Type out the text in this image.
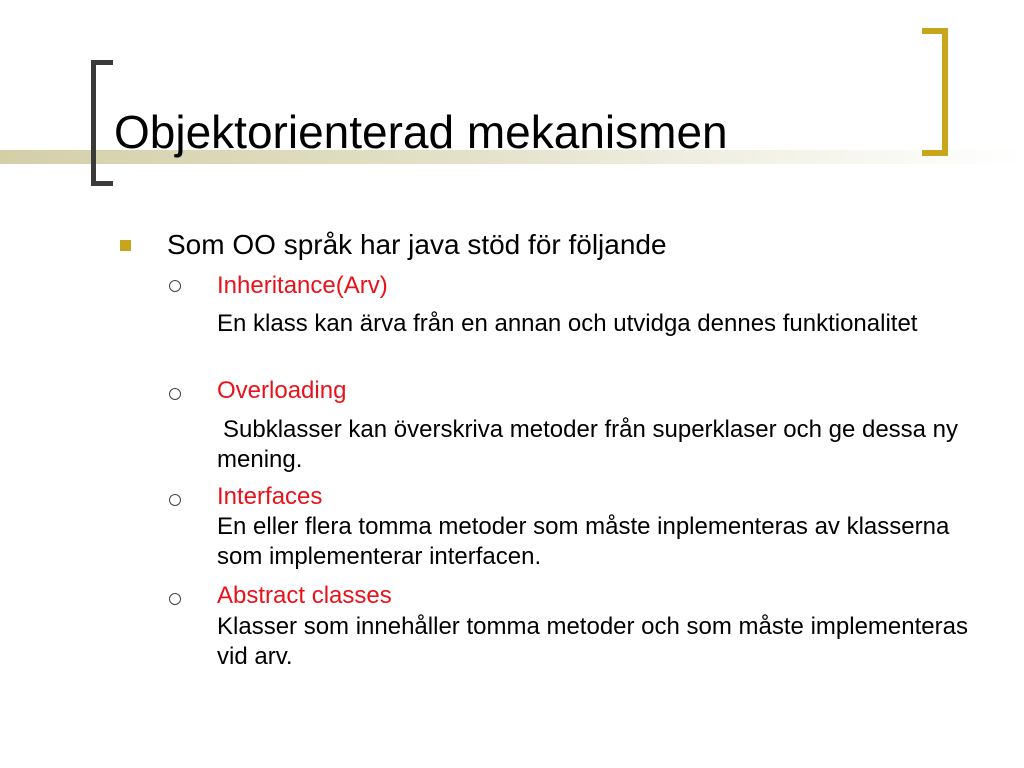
Objektorienterad mekanismen
Som OO språk har java stöd för följande
Inheritance(Arv)
En klass kan ärva från en annan och utvidga dennes funktionalitet
Overloading
Subklasser kan överskriva metoder från superklaser och ge dessa ny mening.
Interfaces
En eller flera tomma metoder som måste inplementeras av klasserna som implementerar interfacen.
Abstract classes
Klasser som innehåller tomma metoder och som måste implementeras vid arv.
